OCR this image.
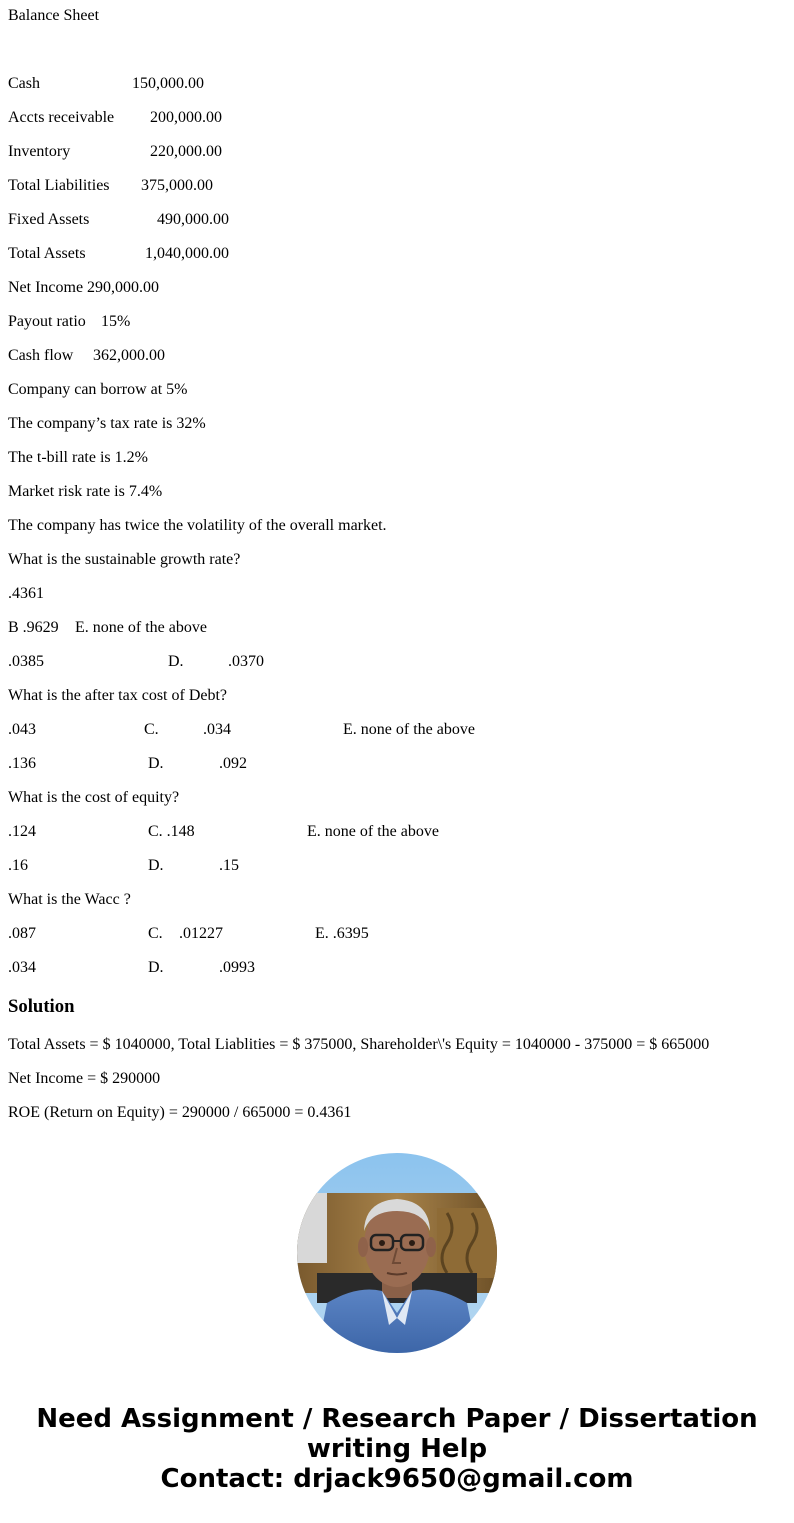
Balance Sheet
Cash	150,000.00
Accts receivable 200,000.00
Inventory	220,000.00
Total Liabilities 375,000.00
Fixed Assets	490,000.00
Total Assets	1,040,000.00
Net Income 290,000.00
Payout ratio 15%
Cash flow 362,000.00
Company can borrow at 5%
The company’s tax rate is 32%
The t-bill rate is 1.2%
Market risk rate is 7.4%
The company has twice the volatility of the overall market.
What is the sustainable growth rate?
.4361
B .9629 E. none of the above
.0385	D.	.0370
What is the after tax cost of Debt?
.043	C.	.034	E. none of the above
.136	D.	.092
What is the cost of equity?
.124	C. .148	E. none of the above
.16	D.	.15
What is the Wacc ?
.087	C. .01227	E. .6395
.034	D.	.0993
Solution
Total Assets = $ 1040000, Total Liablities = $ 375000, Shareholder\'s Equity = 1040000 - 375000 = $ 665000
Net Income = $ 290000
ROE (Return on Equity) = 290000 / 665000 = 0.4361
Need Assignment / Research Paper / Dissertation
writing Help
Contact: drjack9650@gmail.com
